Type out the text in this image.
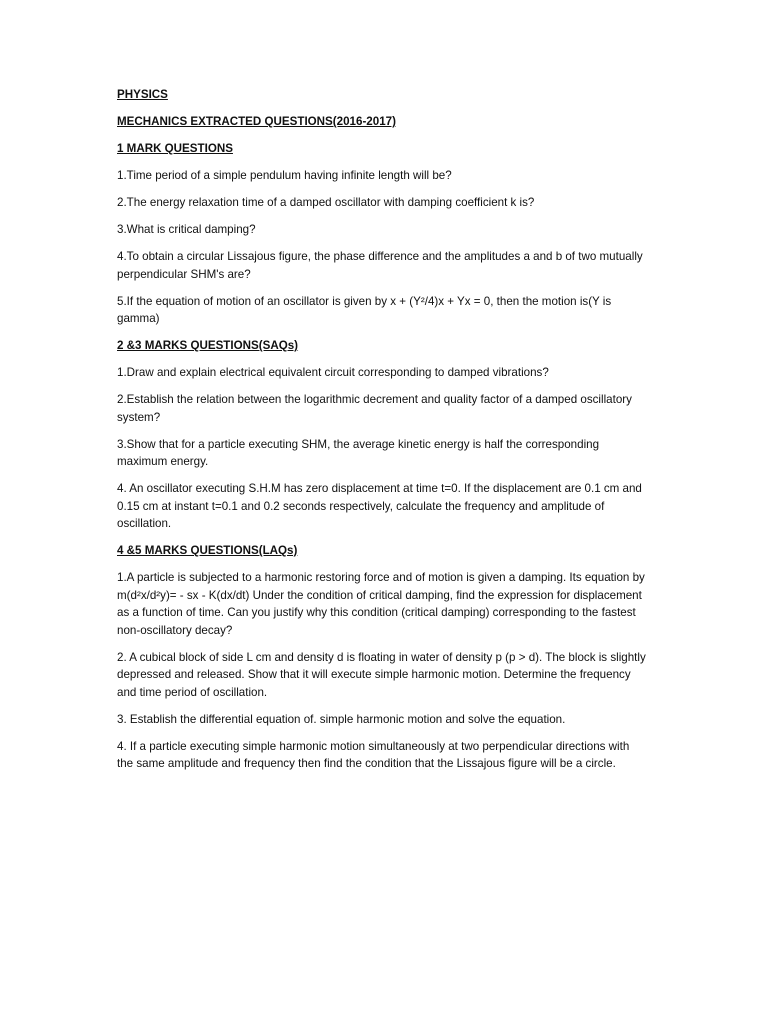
PHYSICS
MECHANICS EXTRACTED QUESTIONS(2016-2017)
1 MARK QUESTIONS

1.Time period of a simple pendulum having infinite length will be?

2.The energy relaxation time of a damped oscillator with damping coefficient k is?

3.What is critical damping?

4.To obtain a circular Lissajous figure, the phase difference and the amplitudes a and b of two mutually perpendicular SHM's are?

5.If the equation of motion of an oscillator is given by x + (Y²/4)x + Yx = 0, then the motion is(Y is gamma)

2 &3 MARKS QUESTIONS(SAQs)

1.Draw and explain electrical equivalent circuit corresponding to damped vibrations?

2.Establish the relation between the logarithmic decrement and quality factor of a damped oscillatory system?

3.Show that for a particle executing SHM, the average kinetic energy is half the corresponding maximum energy.

4. An oscillator executing S.H.M has zero displacement at time t=0. If the displacement are 0.1 cm and 0.15 cm at instant t=0.1 and 0.2 seconds respectively, calculate the frequency and amplitude of oscillation.

4 &5 MARKS QUESTIONS(LAQs)

1.A particle is subjected to a harmonic restoring force and of motion is given a damping. Its equation by m(d²x/d²y)= - sx - K(dx/dt) Under the condition of critical damping, find the expression for displacement as a function of time. Can you justify why this condition (critical damping) corresponding to the fastest non-oscillatory decay?

2. A cubical block of side L cm and density d is floating in water of density p (p > d). The block is slightly depressed and released. Show that it will execute simple harmonic motion. Determine the frequency and time period of oscillation.

3. Establish the differential equation of. simple harmonic motion and solve the equation.

4. If a particle executing simple harmonic motion simultaneously at two perpendicular directions with the same amplitude and frequency then find the condition that the Lissajous figure will be a circle.
